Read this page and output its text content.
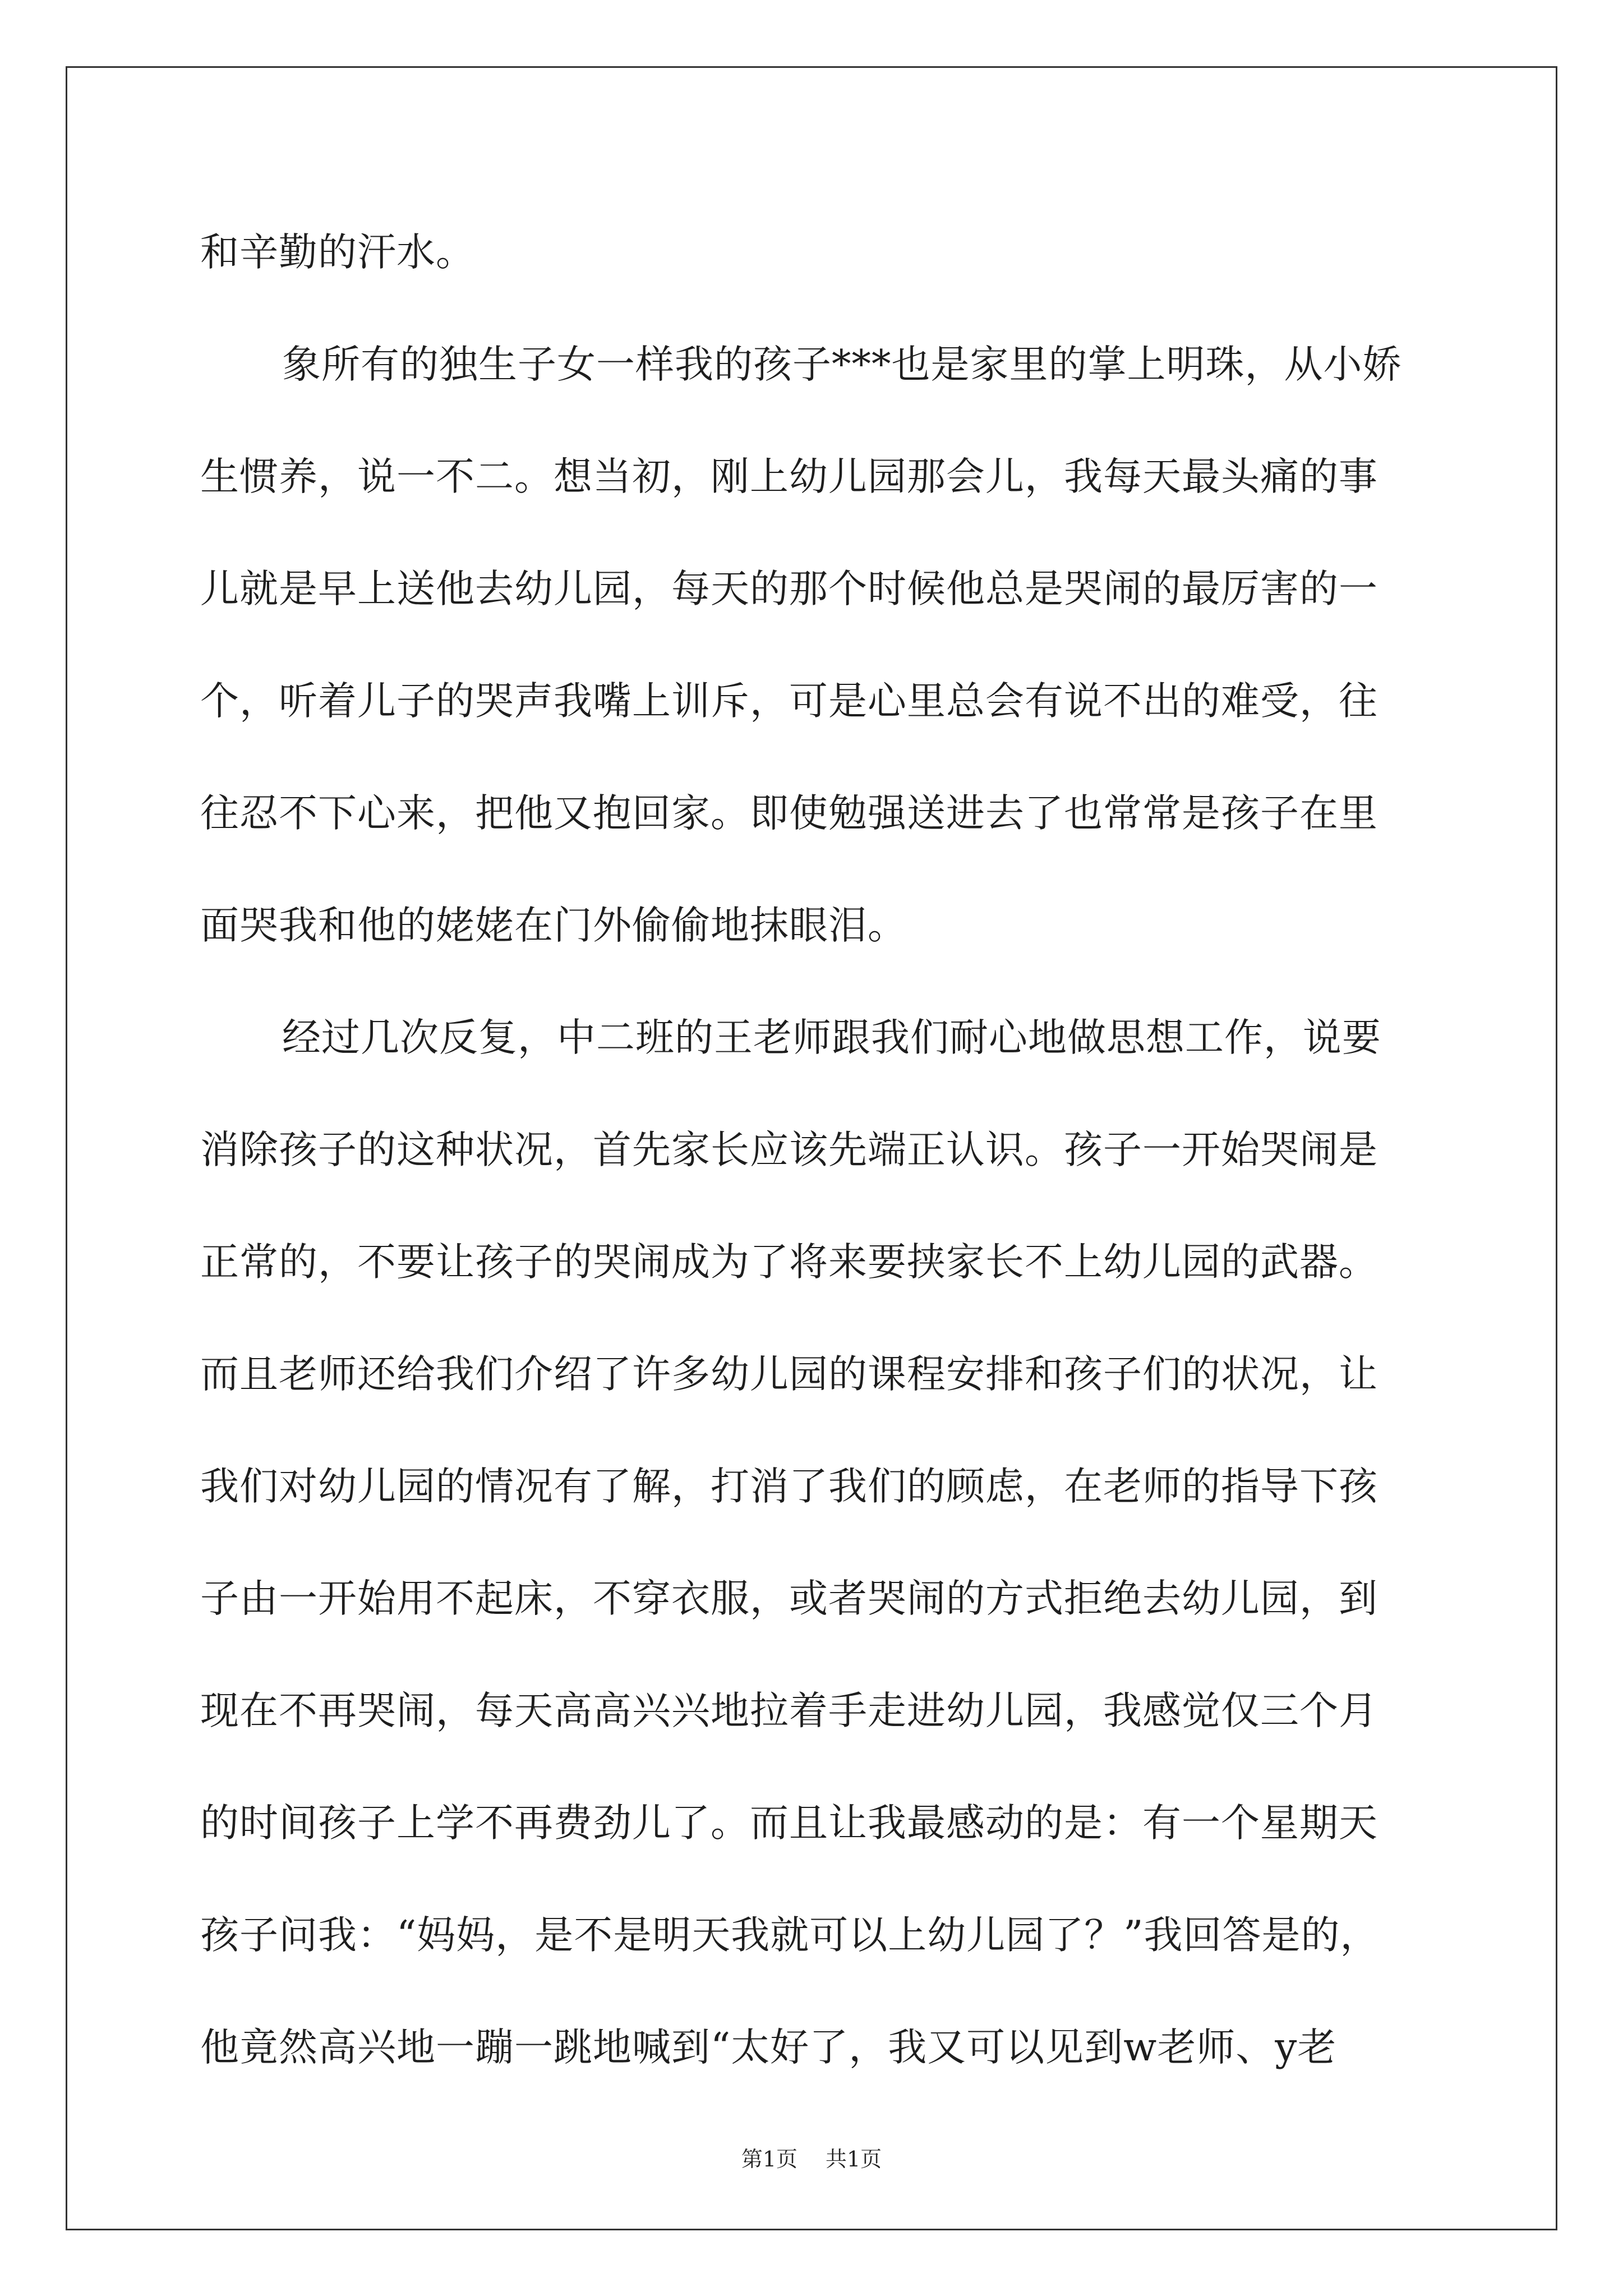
和辛勤的汗水。
象所有的独生子女一样我的孩子***也是家里的掌上明珠，从小娇
生惯养，说一不二。想当初，刚上幼儿园那会儿，我每天最头痛的事
儿就是早上送他去幼儿园，每天的那个时候他总是哭闹的最厉害的一
个，听着儿子的哭声我嘴上训斥，可是心里总会有说不出的难受，往
往忍不下心来，把他又抱回家。即使勉强送进去了也常常是孩子在里
面哭我和他的姥姥在门外偷偷地抹眼泪。
经过几次反复，中二班的王老师跟我们耐心地做思想工作，说要
消除孩子的这种状况，首先家长应该先端正认识。孩子一开始哭闹是
正常的，不要让孩子的哭闹成为了将来要挟家长不上幼儿园的武器。
而且老师还给我们介绍了许多幼儿园的课程安排和孩子们的状况，让
我们对幼儿园的情况有了解，打消了我们的顾虑，在老师的指导下孩
子由一开始用不起床，不穿衣服，或者哭闹的方式拒绝去幼儿园，到
现在不再哭闹，每天高高兴兴地拉着手走进幼儿园，我感觉仅三个月
的时间孩子上学不再费劲儿了。而且让我最感动的是：有一个星期天
孩子问我：“妈妈，是不是明天我就可以上幼儿园了？”我回答是的，
他竟然高兴地一蹦一跳地喊到“太好了，我又可以见到w老师、y老
第1页 共1页
